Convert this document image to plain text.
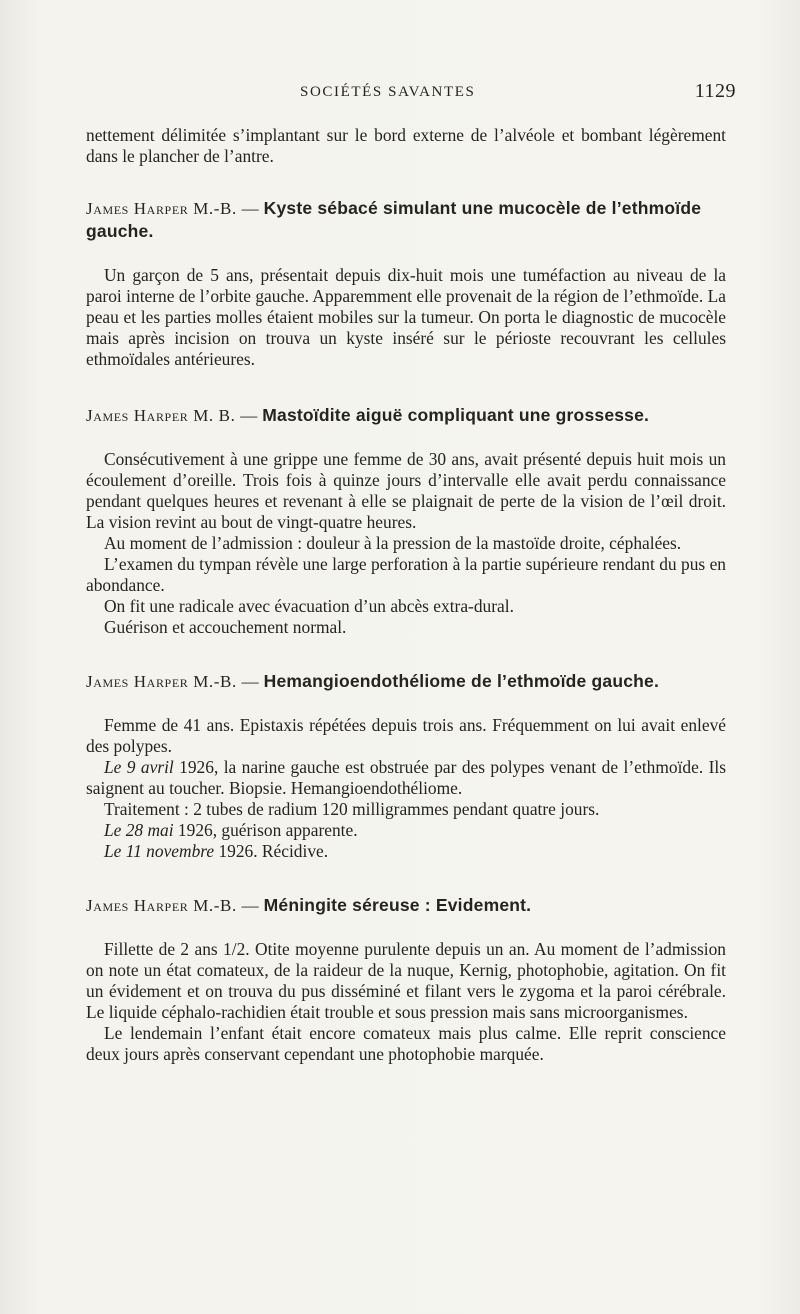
SOCIÉTÉS SAVANTES	1129

nettement délimitée s’implantant sur le bord externe de l’alvéole et bombant légèrement dans le plancher de l’antre.

James Harper M.-B. — Kyste sébacé simulant une mucocèle de l’ethmoïde gauche.

Un garçon de 5 ans, présentait depuis dix-huit mois une tuméfaction au niveau de la paroi interne de l’orbite gauche. Apparemment elle provenait de la région de l’ethmoïde. La peau et les parties molles étaient mobiles sur la tumeur. On porta le diagnostic de mucocèle mais après incision on trouva un kyste inséré sur le périoste recouvrant les cellules ethmoïdales antérieures.

James Harper M. B. — Mastoïdite aiguë compliquant une grossesse.

Consécutivement à une grippe une femme de 30 ans, avait présenté depuis huit mois un écoulement d’oreille. Trois fois à quinze jours d’intervalle elle avait perdu connaissance pendant quelques heures et revenant à elle se plaignait de perte de la vision de l’œil droit. La vision revint au bout de vingt-quatre heures.

Au moment de l’admission : douleur à la pression de la mastoïde droite, céphalées.

L’examen du tympan révèle une large perforation à la partie supérieure rendant du pus en abondance.

On fit une radicale avec évacuation d’un abcès extra-dural.

Guérison et accouchement normal.

James Harper M.-B. — Hemangioendothéliome de l’ethmoïde gauche.

Femme de 41 ans. Epistaxis répétées depuis trois ans. Fréquemment on lui avait enlevé des polypes.

Le 9 avril 1926, la narine gauche est obstruée par des polypes venant de l’ethmoïde. Ils saignent au toucher. Biopsie. Hemangioendothéliome.

Traitement : 2 tubes de radium 120 milligrammes pendant quatre jours.

Le 28 mai 1926, guérison apparente.

Le 11 novembre 1926. Récidive.

James Harper M.-B. — Méningite séreuse : Evidement.

Fillette de 2 ans 1/2. Otite moyenne purulente depuis un an. Au moment de l’admission on note un état comateux, de la raideur de la nuque, Kernig, photophobie, agitation. On fit un évidement et on trouva du pus disséminé et filant vers le zygoma et la paroi cérébrale. Le liquide céphalo-rachidien était trouble et sous pression mais sans microorganismes.

Le lendemain l’enfant était encore comateux mais plus calme. Elle reprit conscience deux jours après conservant cependant une photophobie marquée.
